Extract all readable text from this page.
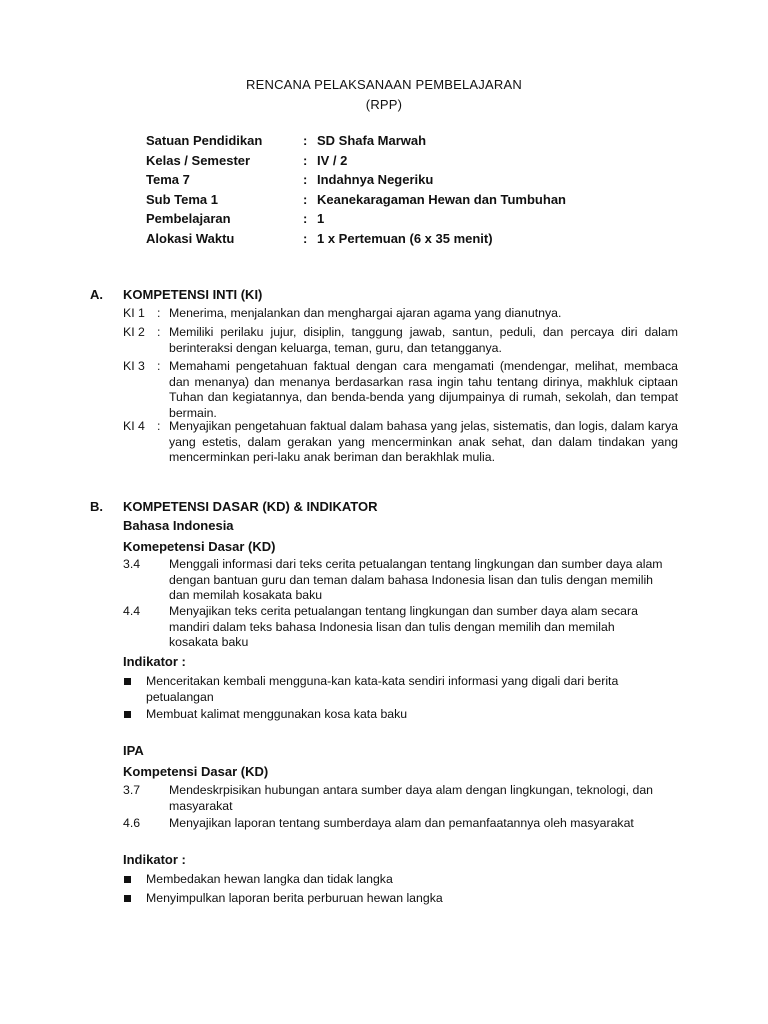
RENCANA PELAKSANAAN PEMBELAJARAN
(RPP)
Satuan Pendidikan	: SD Shafa Marwah
Kelas / Semester	: IV / 2
Tema 7	: Indahnya Negeriku
Sub Tema 1	: Keanekaragaman Hewan dan Tumbuhan
Pembelajaran	: 1
Alokasi Waktu	: 1 x Pertemuan (6 x 35 menit)
A. KOMPETENSI INTI (KI)
KI 1 : Menerima, menjalankan dan menghargai ajaran agama yang dianutnya.
KI 2 : Memiliki perilaku jujur, disiplin, tanggung jawab, santun, peduli, dan percaya diri dalam berinteraksi dengan keluarga, teman, guru, dan tetangganya.
KI 3 : Memahami pengetahuan faktual dengan cara mengamati (mendengar, melihat, membaca dan menanya) dan menanya berdasarkan rasa ingin tahu tentang dirinya, makhluk ciptaan Tuhan dan kegiatannya, dan benda-benda yang dijumpainya di rumah, sekolah, dan tempat bermain.
KI 4 : Menyajikan pengetahuan faktual dalam bahasa yang jelas, sistematis, dan logis, dalam karya yang estetis, dalam gerakan yang mencerminkan anak sehat, dan dalam tindakan yang mencerminkan peri-laku anak beriman dan berakhlak mulia.
B. KOMPETENSI DASAR (KD) & INDIKATOR
Bahasa Indonesia
Komepetensi Dasar (KD)
3.4 Menggali informasi dari teks cerita petualangan tentang lingkungan dan sumber daya alam dengan bantuan guru dan teman dalam bahasa Indonesia lisan dan tulis dengan memilih dan memilah kosakata baku
4.4 Menyajikan teks cerita petualangan tentang lingkungan dan sumber daya alam secara mandiri dalam teks bahasa Indonesia lisan dan tulis dengan memilih dan memilah kosakata baku
Indikator :
Menceritakan kembali mengguna-kan kata-kata sendiri informasi yang digali dari berita petualangan
Membuat kalimat menggunakan kosa kata baku
IPA
Kompetensi Dasar (KD)
3.7 Mendeskrpisikan hubungan antara sumber daya alam dengan lingkungan, teknologi, dan masyarakat
4.6 Menyajikan laporan tentang sumberdaya alam dan pemanfaatannya oleh masyarakat
Indikator :
Membedakan hewan langka dan tidak langka
Menyimpulkan laporan berita perburuan hewan langka
